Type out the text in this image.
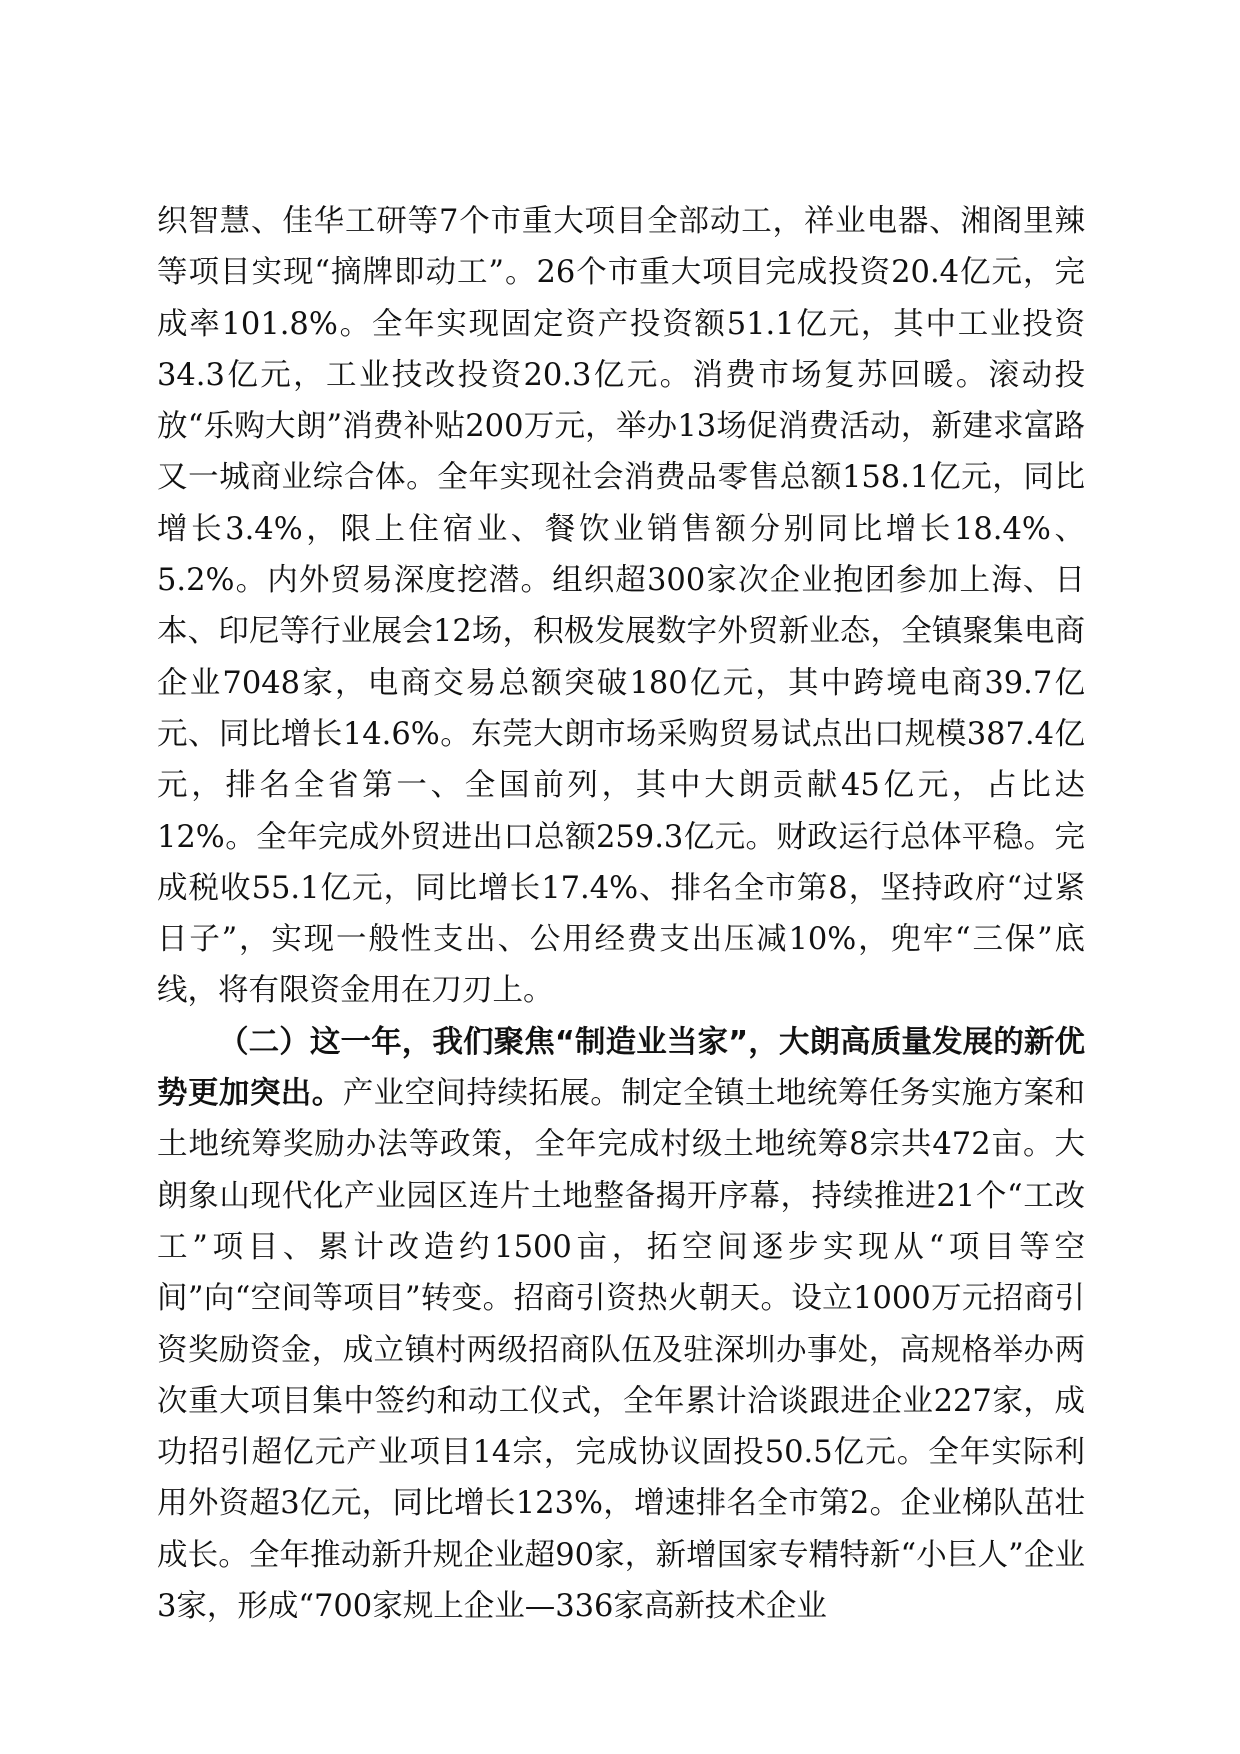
织智慧、佳华工研等7个市重大项目全部动工，祥业电器、湘阁里辣等项目实现“摘牌即动工”。26个市重大项目完成投资20.4亿元，完成率101.8%。全年实现固定资产投资额51.1亿元，其中工业投资34.3亿元，工业技改投资20.3亿元。消费市场复苏回暖。滚动投放“乐购大朗”消费补贴200万元，举办13场促消费活动，新建求富路又一城商业综合体。全年实现社会消费品零售总额158.1亿元，同比增长3.4%，限上住宿业、餐饮业销售额分别同比增长18.4%、5.2%。内外贸易深度挖潜。组织超300家次企业抱团参加上海、日本、印尼等行业展会12场，积极发展数字外贸新业态，全镇聚集电商企业7048家，电商交易总额突破180亿元，其中跨境电商39.7亿元、同比增长14.6%。东莞大朗市场采购贸易试点出口规模387.4亿元，排名全省第一、全国前列，其中大朗贡献45亿元，占比达12%。全年完成外贸进出口总额259.3亿元。财政运行总体平稳。完成税收55.1亿元，同比增长17.4%、排名全市第8，坚持政府“过紧日子”，实现一般性支出、公用经费支出压减10%，兜牢“三保”底线，将有限资金用在刀刃上。

（二）这一年，我们聚焦“制造业当家”，大朗高质量发展的新优势更加突出。产业空间持续拓展。制定全镇土地统筹任务实施方案和土地统筹奖励办法等政策，全年完成村级土地统筹8宗共472亩。大朗象山现代化产业园区连片土地整备揭开序幕，持续推进21个“工改工”项目、累计改造约1500亩，拓空间逐步实现从“项目等空间”向“空间等项目”转变。招商引资热火朝天。设立1000万元招商引资奖励资金，成立镇村两级招商队伍及驻深圳办事处，高规格举办两次重大项目集中签约和动工仪式，全年累计洽谈跟进企业227家，成功招引超亿元产业项目14宗，完成协议固投50.5亿元。全年实际利用外资超3亿元，同比增长123%，增速排名全市第2。企业梯队茁壮成长。全年推动新升规企业超90家，新增国家专精特新“小巨人”企业3家，形成“700家规上企业—336家高新技术企业
